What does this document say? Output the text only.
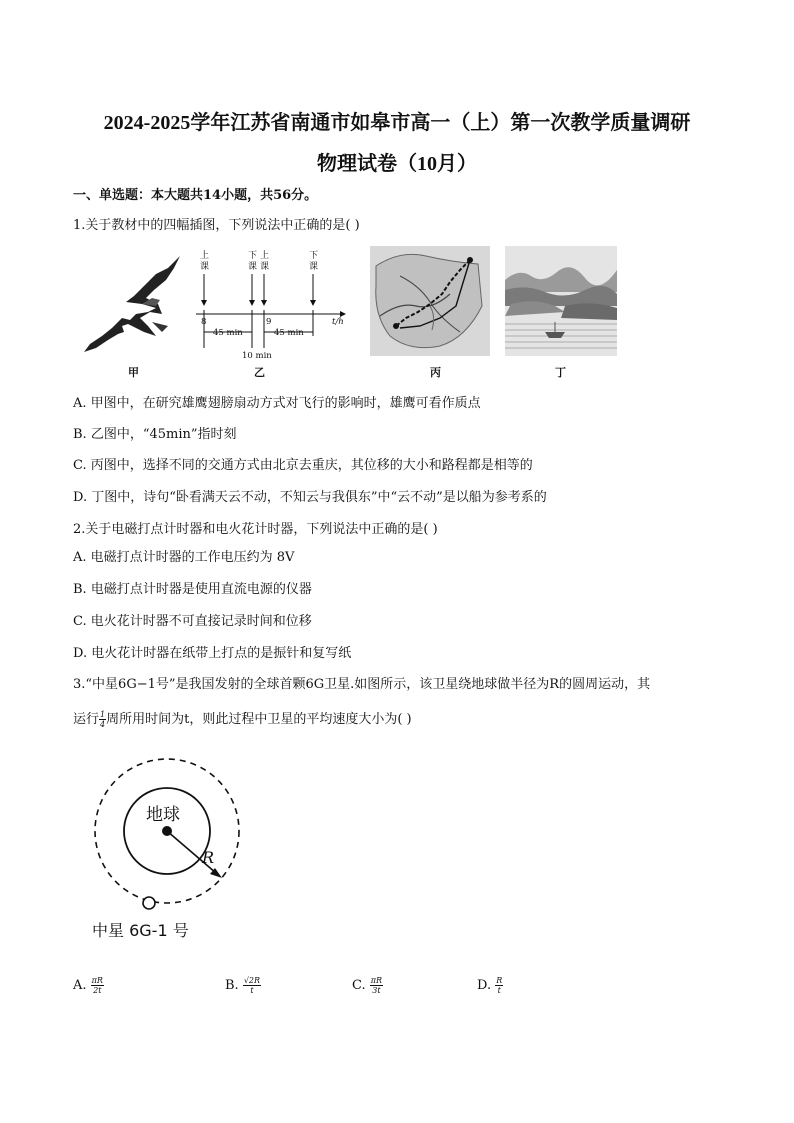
2024-2025学年江苏省南通市如皋市高一（上）第一次教学质量调研
物理试卷（10月）
一、单选题：本大题共14小题，共56分。
1.关于教材中的四幅插图，下列说法中正确的是( )
甲
上
课
下
课
上
课
下
课
8	9	t/h
45 min	45 min
10 min
乙	丙	丁
A. 甲图中，在研究雄鹰翅膀扇动方式对飞行的影响时，雄鹰可看作质点
B. 乙图中，“45min”指时刻
C. 丙图中，选择不同的交通方式由北京去重庆，其位移的大小和路程都是相等的
D. 丁图中，诗句“卧看满天云不动，不知云与我俱东”中“云不动”是以船为参考系的
2.关于电磁打点计时器和电火花计时器，下列说法中正确的是( )
A. 电磁打点计时器的工作电压约为 8V
B. 电磁打点计时器是使用直流电源的仪器
C. 电火花计时器不可直接记录时间和位移
D. 电火花计时器在纸带上打点的是振针和复写纸
3.“中星6G−1号”是我国发射的全球首颗6G卫星.如图所示，该卫星绕地球做半径为R的圆周运动，其
运行 $\frac{1}{4}$ 周所用时间为t，则此过程中卫星的平均速度大小为( )
地球
R
中星 6G-1 号
A. $\frac{\pi R}{2t}$	B. $\frac{√2R}{t}$	C. $\frac{\pi R}{3t}$	D. $\frac{R}{t}$
